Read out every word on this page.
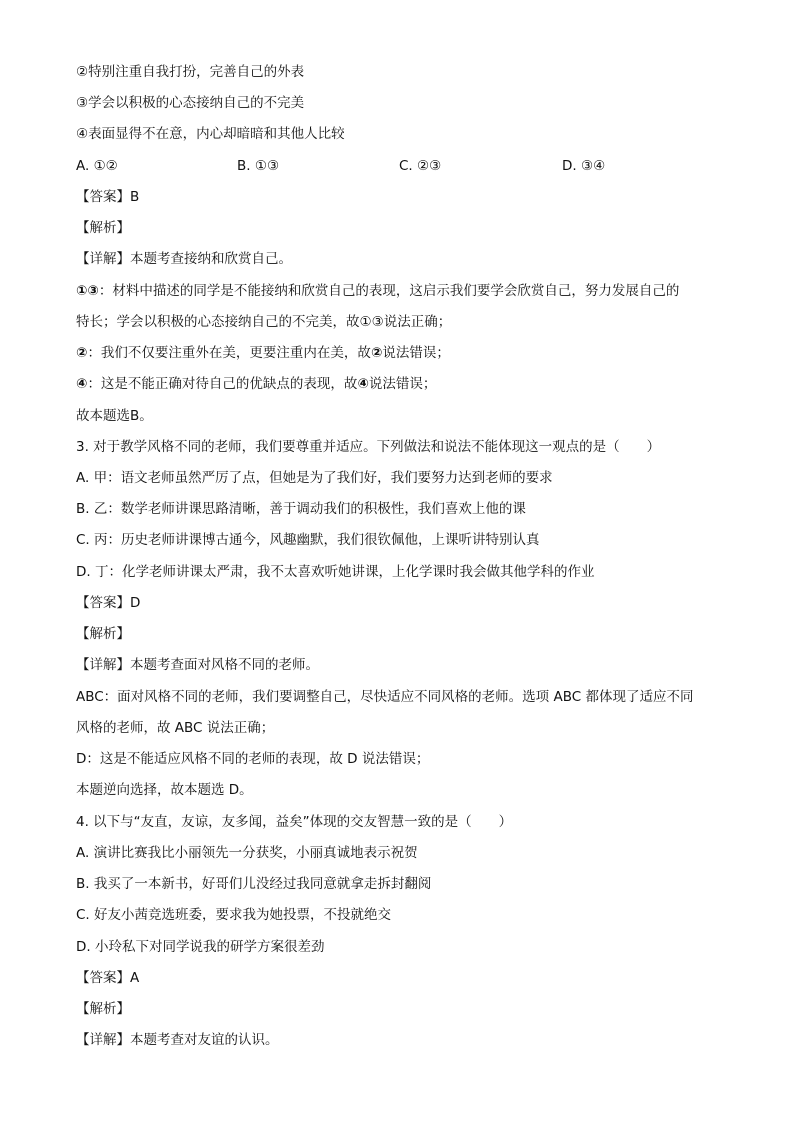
②特别注重自我打扮，完善自己的外表
③学会以积极的心态接纳自己的不完美
④表面显得不在意，内心却暗暗和其他人比较
A. ①②	B. ①③	C. ②③	D. ③④
【答案】B
【解析】
【详解】本题考查接纳和欣赏自己。
①③：材料中描述的同学是不能接纳和欣赏自己的表现，这启示我们要学会欣赏自己，努力发展自己的
特长；学会以积极的心态接纳自己的不完美，故①③说法正确；
②：我们不仅要注重外在美，更要注重内在美，故②说法错误；
④：这是不能正确对待自己的优缺点的表现，故④说法错误；
故本题选B。
3. 对于教学风格不同的老师，我们要尊重并适应。下列做法和说法不能体现这一观点的是（　　）
A. 甲：语文老师虽然严厉了点，但她是为了我们好，我们要努力达到老师的要求
B. 乙：数学老师讲课思路清晰，善于调动我们的积极性，我们喜欢上他的课
C. 丙：历史老师讲课博古通今，风趣幽默，我们很钦佩他，上课听讲特别认真
D. 丁：化学老师讲课太严肃，我不太喜欢听她讲课，上化学课时我会做其他学科的作业
【答案】D
【解析】
【详解】本题考查面对风格不同的老师。
ABC：面对风格不同的老师，我们要调整自己，尽快适应不同风格的老师。选项 ABC 都体现了适应不同
风格的老师，故 ABC 说法正确；
D：这是不能适应风格不同的老师的表现，故 D 说法错误；
本题逆向选择，故本题选 D。
4. 以下与“友直，友谅，友多闻，益矣”体现的交友智慧一致的是（　　）
A. 演讲比赛我比小丽领先一分获奖，小丽真诚地表示祝贺
B. 我买了一本新书，好哥们儿没经过我同意就拿走拆封翻阅
C. 好友小茜竞选班委，要求我为她投票，不投就绝交
D. 小玲私下对同学说我的研学方案很差劲
【答案】A
【解析】
【详解】本题考查对友谊的认识。
